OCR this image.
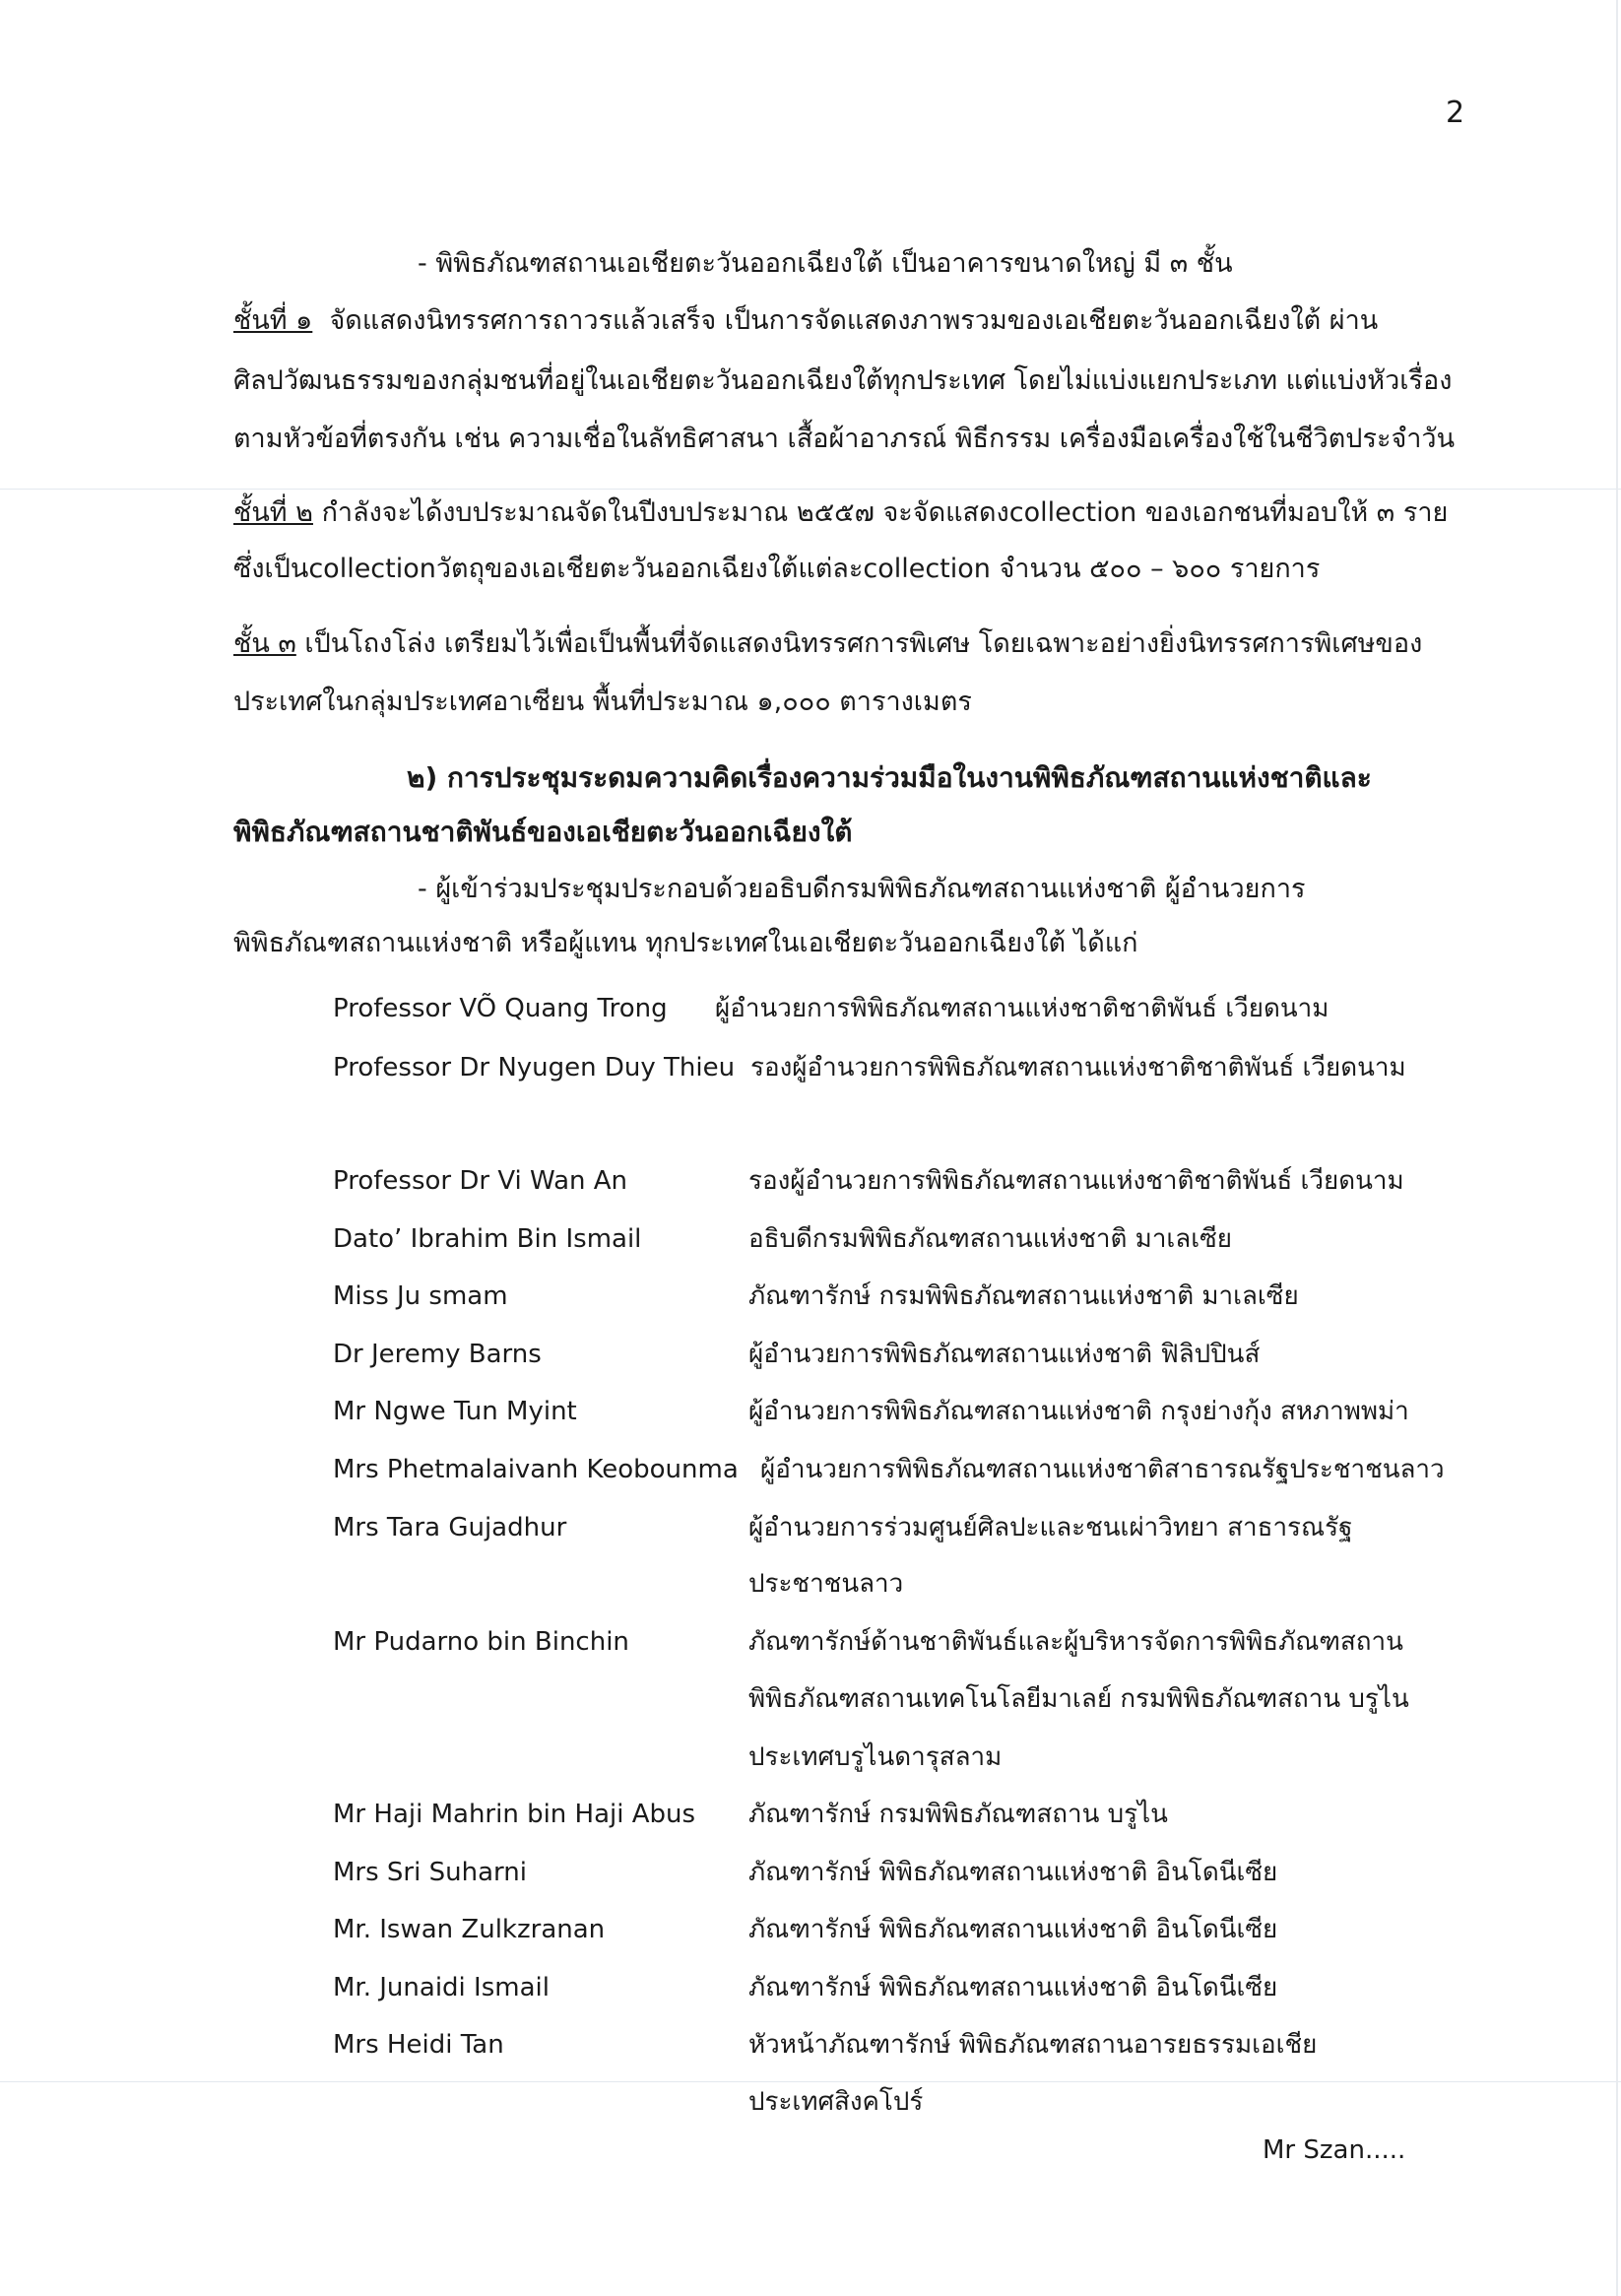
2
- พิพิธภัณฑสถานเอเชียตะวันออกเฉียงใต้ เป็นอาคารขนาดใหญ่ มี ๓ ชั้น
ชั้นที่ ๑ จัดแสดงนิทรรศการถาวรแล้วเสร็จ เป็นการจัดแสดงภาพรวมของเอเชียตะวันออกเฉียงใต้ ผ่าน
ศิลปวัฒนธรรมของกลุ่มชนที่อยู่ในเอเชียตะวันออกเฉียงใต้ทุกประเทศ โดยไม่แบ่งแยกประเภท แต่แบ่งหัวเรื่อง
ตามหัวข้อที่ตรงกัน เช่น ความเชื่อในลัทธิศาสนา เสื้อผ้าอาภรณ์ พิธีกรรม เครื่องมือเครื่องใช้ในชีวิตประจำวัน
ชั้นที่ ๒ กำลังจะได้งบประมาณจัดในปีงบประมาณ ๒๕๕๗ จะจัดแสดงcollection ของเอกชนที่มอบให้ ๓ ราย
ซึ่งเป็นcollectionวัตถุของเอเชียตะวันออกเฉียงใต้แต่ละcollection จำนวน ๕๐๐ – ๖๐๐ รายการ
ชั้น ๓ เป็นโถงโล่ง เตรียมไว้เพื่อเป็นพื้นที่จัดแสดงนิทรรศการพิเศษ โดยเฉพาะอย่างยิ่งนิทรรศการพิเศษของ
ประเทศในกลุ่มประเทศอาเซียน พื้นที่ประมาณ ๑,๐๐๐ ตารางเมตร
๒) การประชุมระดมความคิดเรื่องความร่วมมือในงานพิพิธภัณฑสถานแห่งชาติและ
พิพิธภัณฑสถานชาติพันธ์ของเอเชียตะวันออกเฉียงใต้
- ผู้เข้าร่วมประชุมประกอบด้วยอธิบดีกรมพิพิธภัณฑสถานแห่งชาติ ผู้อำนวยการ
พิพิธภัณฑสถานแห่งชาติ หรือผู้แทน ทุกประเทศในเอเชียตะวันออกเฉียงใต้ ได้แก่
Professor VÕ Quang Trong ผู้อำนวยการพิพิธภัณฑสถานแห่งชาติชาติพันธ์ เวียดนาม
Professor Dr Nyugen Duy Thieu รองผู้อำนวยการพิพิธภัณฑสถานแห่งชาติชาติพันธ์ เวียดนาม
Professor Dr Vi Wan An	รองผู้อำนวยการพิพิธภัณฑสถานแห่งชาติชาติพันธ์ เวียดนาม
Dato’ Ibrahim Bin Ismail	อธิบดีกรมพิพิธภัณฑสถานแห่งชาติ มาเลเซีย
Miss Ju smam	ภัณฑารักษ์ กรมพิพิธภัณฑสถานแห่งชาติ มาเลเซีย
Dr Jeremy Barns	ผู้อำนวยการพิพิธภัณฑสถานแห่งชาติ ฟิลิปปินส์
Mr Ngwe Tun Myint	ผู้อำนวยการพิพิธภัณฑสถานแห่งชาติ กรุงย่างกุ้ง สหภาพพม่า
Mrs Phetmalaivanh Keobounma ผู้อำนวยการพิพิธภัณฑสถานแห่งชาติสาธารณรัฐประชาชนลาว
Mrs Tara Gujadhur	ผู้อำนวยการร่วมศูนย์ศิลปะและชนเผ่าวิทยา สาธารณรัฐ
ประชาชนลาว
Mr Pudarno bin Binchin	ภัณฑารักษ์ด้านชาติพันธ์และผู้บริหารจัดการพิพิธภัณฑสถาน
พิพิธภัณฑสถานเทคโนโลยีมาเลย์ กรมพิพิธภัณฑสถาน บรูไน
ประเทศบรูไนดารุสลาม
Mr Haji Mahrin bin Haji Abus ภัณฑารักษ์ กรมพิพิธภัณฑสถาน บรูไน
Mrs Sri Suharni	ภัณฑารักษ์ พิพิธภัณฑสถานแห่งชาติ อินโดนีเซีย
Mr. Iswan Zulkzranan	ภัณฑารักษ์ พิพิธภัณฑสถานแห่งชาติ อินโดนีเซีย
Mr. Junaidi Ismail	ภัณฑารักษ์ พิพิธภัณฑสถานแห่งชาติ อินโดนีเซีย
Mrs Heidi Tan	หัวหน้าภัณฑารักษ์ พิพิธภัณฑสถานอารยธรรมเอเชีย
ประเทศสิงคโปร์
Mr Szan.....
